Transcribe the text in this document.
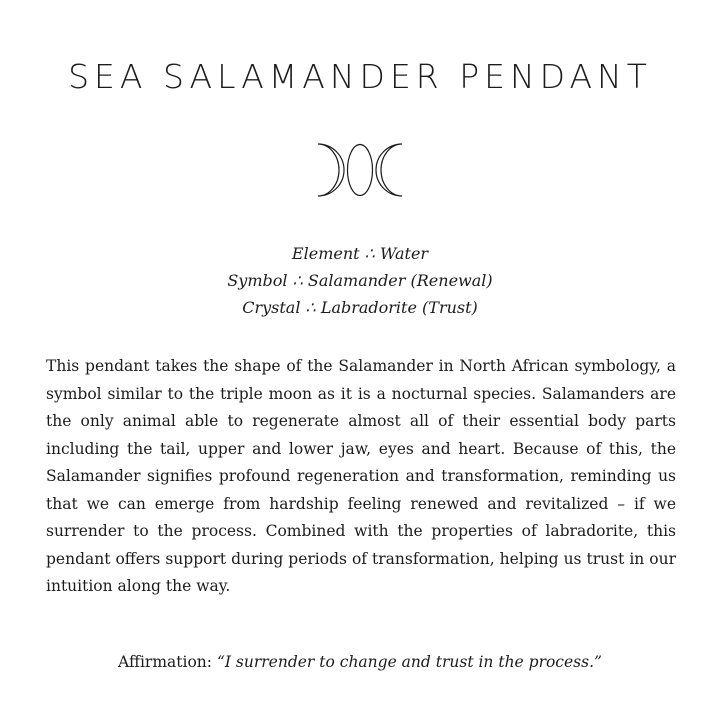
SEA SALAMANDER PENDANT
Element ∴ Water
Symbol ∴ Salamander (Renewal)
Crystal ∴ Labradorite (Trust)

This pendant takes the shape of the Salamander in North African symbology, a symbol similar to the triple moon as it is a nocturnal species. Salamanders are the only animal able to regenerate almost all of their essential body parts including the tail, upper and lower jaw, eyes and heart. Because of this, the Salamander signifies profound regeneration and transformation, reminding us that we can emerge from hardship feeling renewed and revitalized – if we surrender to the process. Combined with the properties of labradorite, this pendant offers support during periods of transformation, helping us trust in our intuition along the way.

Affirmation: “I surrender to change and trust in the process.”
